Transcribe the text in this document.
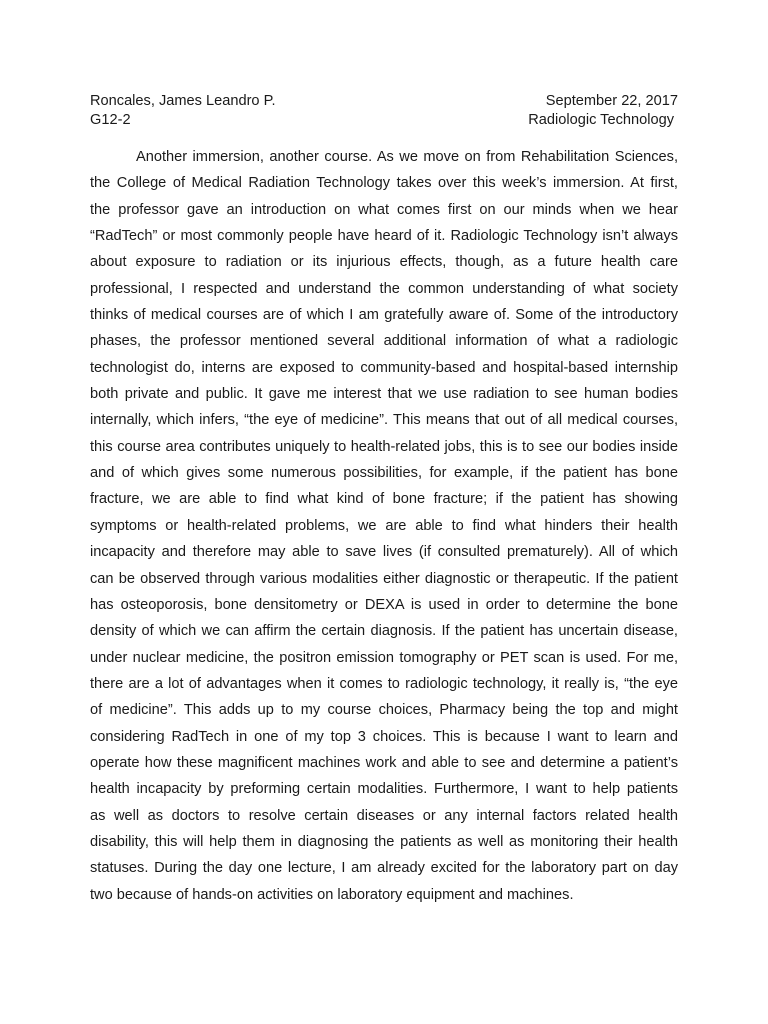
Roncales, James Leandro P.	September 22, 2017
G12-2	Radiologic Technology
Another immersion, another course. As we move on from Rehabilitation Sciences,
the College of Medical Radiation Technology takes over this week’s immersion. At first,
the professor gave an introduction on what comes first on our minds when we hear
“RadTech” or most commonly people have heard of it. Radiologic Technology isn’t always
about exposure to radiation or its injurious effects, though, as a future health care
professional, I respected and understand the common understanding of what society
thinks of medical courses are of which I am gratefully aware of. Some of the introductory
phases, the professor mentioned several additional information of what a radiologic
technologist do, interns are exposed to community-based and hospital-based internship
both private and public. It gave me interest that we use radiation to see human bodies
internally, which infers, “the eye of medicine”. This means that out of all medical courses,
this course area contributes uniquely to health-related jobs, this is to see our bodies inside
and of which gives some numerous possibilities, for example, if the patient has bone
fracture, we are able to find what kind of bone fracture; if the patient has showing
symptoms or health-related problems, we are able to find what hinders their health
incapacity and therefore may able to save lives (if consulted prematurely). All of which
can be observed through various modalities either diagnostic or therapeutic. If the patient
has osteoporosis, bone densitometry or DEXA is used in order to determine the bone
density of which we can affirm the certain diagnosis. If the patient has uncertain disease,
under nuclear medicine, the positron emission tomography or PET scan is used. For me,
there are a lot of advantages when it comes to radiologic technology, it really is, “the eye
of medicine”. This adds up to my course choices, Pharmacy being the top and might
considering RadTech in one of my top 3 choices. This is because I want to learn and
operate how these magnificent machines work and able to see and determine a patient’s
health incapacity by preforming certain modalities. Furthermore, I want to help patients
as well as doctors to resolve certain diseases or any internal factors related health
disability, this will help them in diagnosing the patients as well as monitoring their health
statuses. During the day one lecture, I am already excited for the laboratory part on day
two because of hands-on activities on laboratory equipment and machines.
